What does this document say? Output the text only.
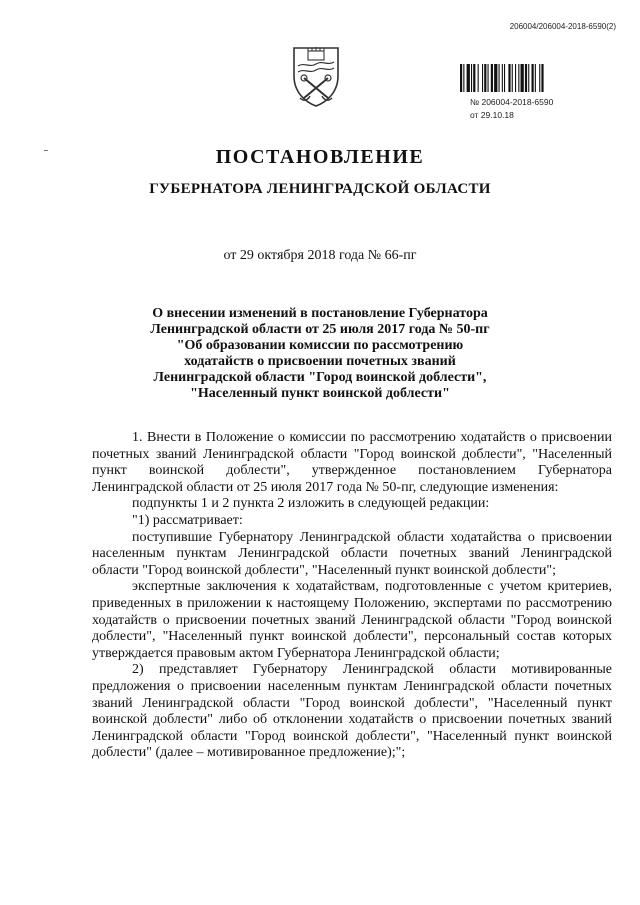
206004/206004-2018-6590(2)
№ 206004-2018-6590
от 29.10.18
ПОСТАНОВЛЕНИЕ
ГУБЕРНАТОРА ЛЕНИНГРАДСКОЙ ОБЛАСТИ
от 29 октября 2018 года № 66-пг
О внесении изменений в постановление Губернатора
Ленинградской области от 25 июля 2017 года № 50-пг
"Об образовании комиссии по рассмотрению
ходатайств о присвоении почетных званий
Ленинградской области "Город воинской доблести",
"Населенный пункт воинской доблести"
1. Внести в Положение о комиссии по рассмотрению ходатайств о присвоении почетных званий Ленинградской области "Город воинской доблести", "Населенный пункт воинской доблести", утвержденное постановлением Губернатора Ленинградской области от 25 июля 2017 года № 50-пг, следующие изменения:
подпункты 1 и 2 пункта 2 изложить в следующей редакции:
"1) рассматривает:
поступившие Губернатору Ленинградской области ходатайства о присвоении населенным пунктам Ленинградской области почетных званий Ленинградской области "Город воинской доблести", "Населенный пункт воинской доблести";
экспертные заключения к ходатайствам, подготовленные с учетом критериев, приведенных в приложении к настоящему Положению, экспертами по рассмотрению ходатайств о присвоении почетных званий Ленинградской области "Город воинской доблести", "Населенный пункт воинской доблести", персональный состав которых утверждается правовым актом Губернатора Ленинградской области;
2) представляет Губернатору Ленинградской области мотивированные предложения о присвоении населенным пунктам Ленинградской области почетных званий Ленинградской области "Город воинской доблести", "Населенный пункт воинской доблести" либо об отклонении ходатайств о присвоении почетных званий Ленинградской области "Город воинской доблести", "Населенный пункт воинской доблести" (далее – мотивированное предложение);";
